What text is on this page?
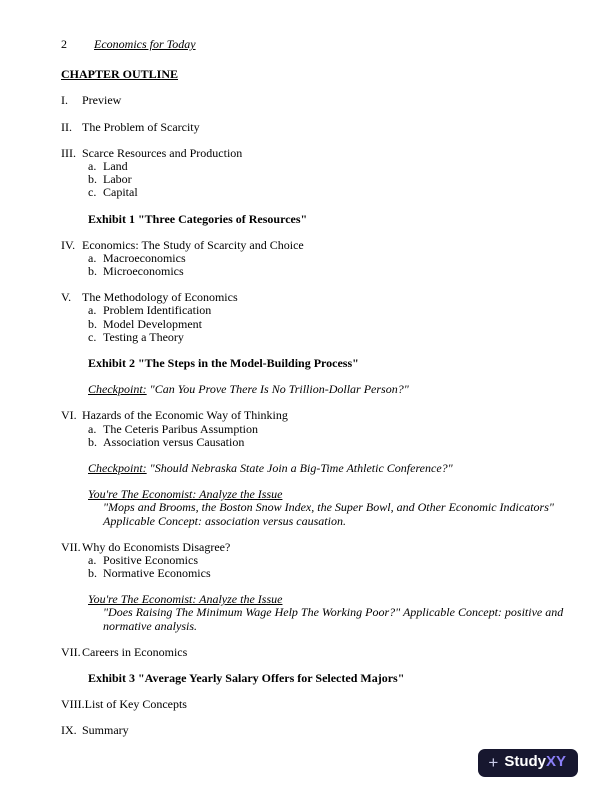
2 Economics for Today
CHAPTER OUTLINE
I.	Preview
II. The Problem of Scarcity
III. Scarce Resources and Production
a. Land
b. Labor
c. Capital
Exhibit 1 "Three Categories of Resources"
IV. Economics: The Study of Scarcity and Choice
a. Macroeconomics
b. Microeconomics
V. The Methodology of Economics
a. Problem Identification
b. Model Development
c. Testing a Theory
Exhibit 2 "The Steps in the Model-Building Process"
Checkpoint: "Can You Prove There Is No Trillion-Dollar Person?"
VI. Hazards of the Economic Way of Thinking
a. The Ceteris Paribus Assumption
b. Association versus Causation
Checkpoint: "Should Nebraska State Join a Big-Time Athletic Conference?"
You're The Economist: Analyze the Issue
"Mops and Brooms, the Boston Snow Index, the Super Bowl, and Other Economic Indicators"
Applicable Concept: association versus causation.
VII. Why do Economists Disagree?
a. Positive Economics
b. Normative Economics
You're The Economist: Analyze the Issue
"Does Raising The Minimum Wage Help The Working Poor?" Applicable Concept: positive and normative analysis.
VII. Careers in Economics
Exhibit 3 "Average Yearly Salary Offers for Selected Majors"
VIII. List of Key Concepts
IX. Summary
+ Study XY
